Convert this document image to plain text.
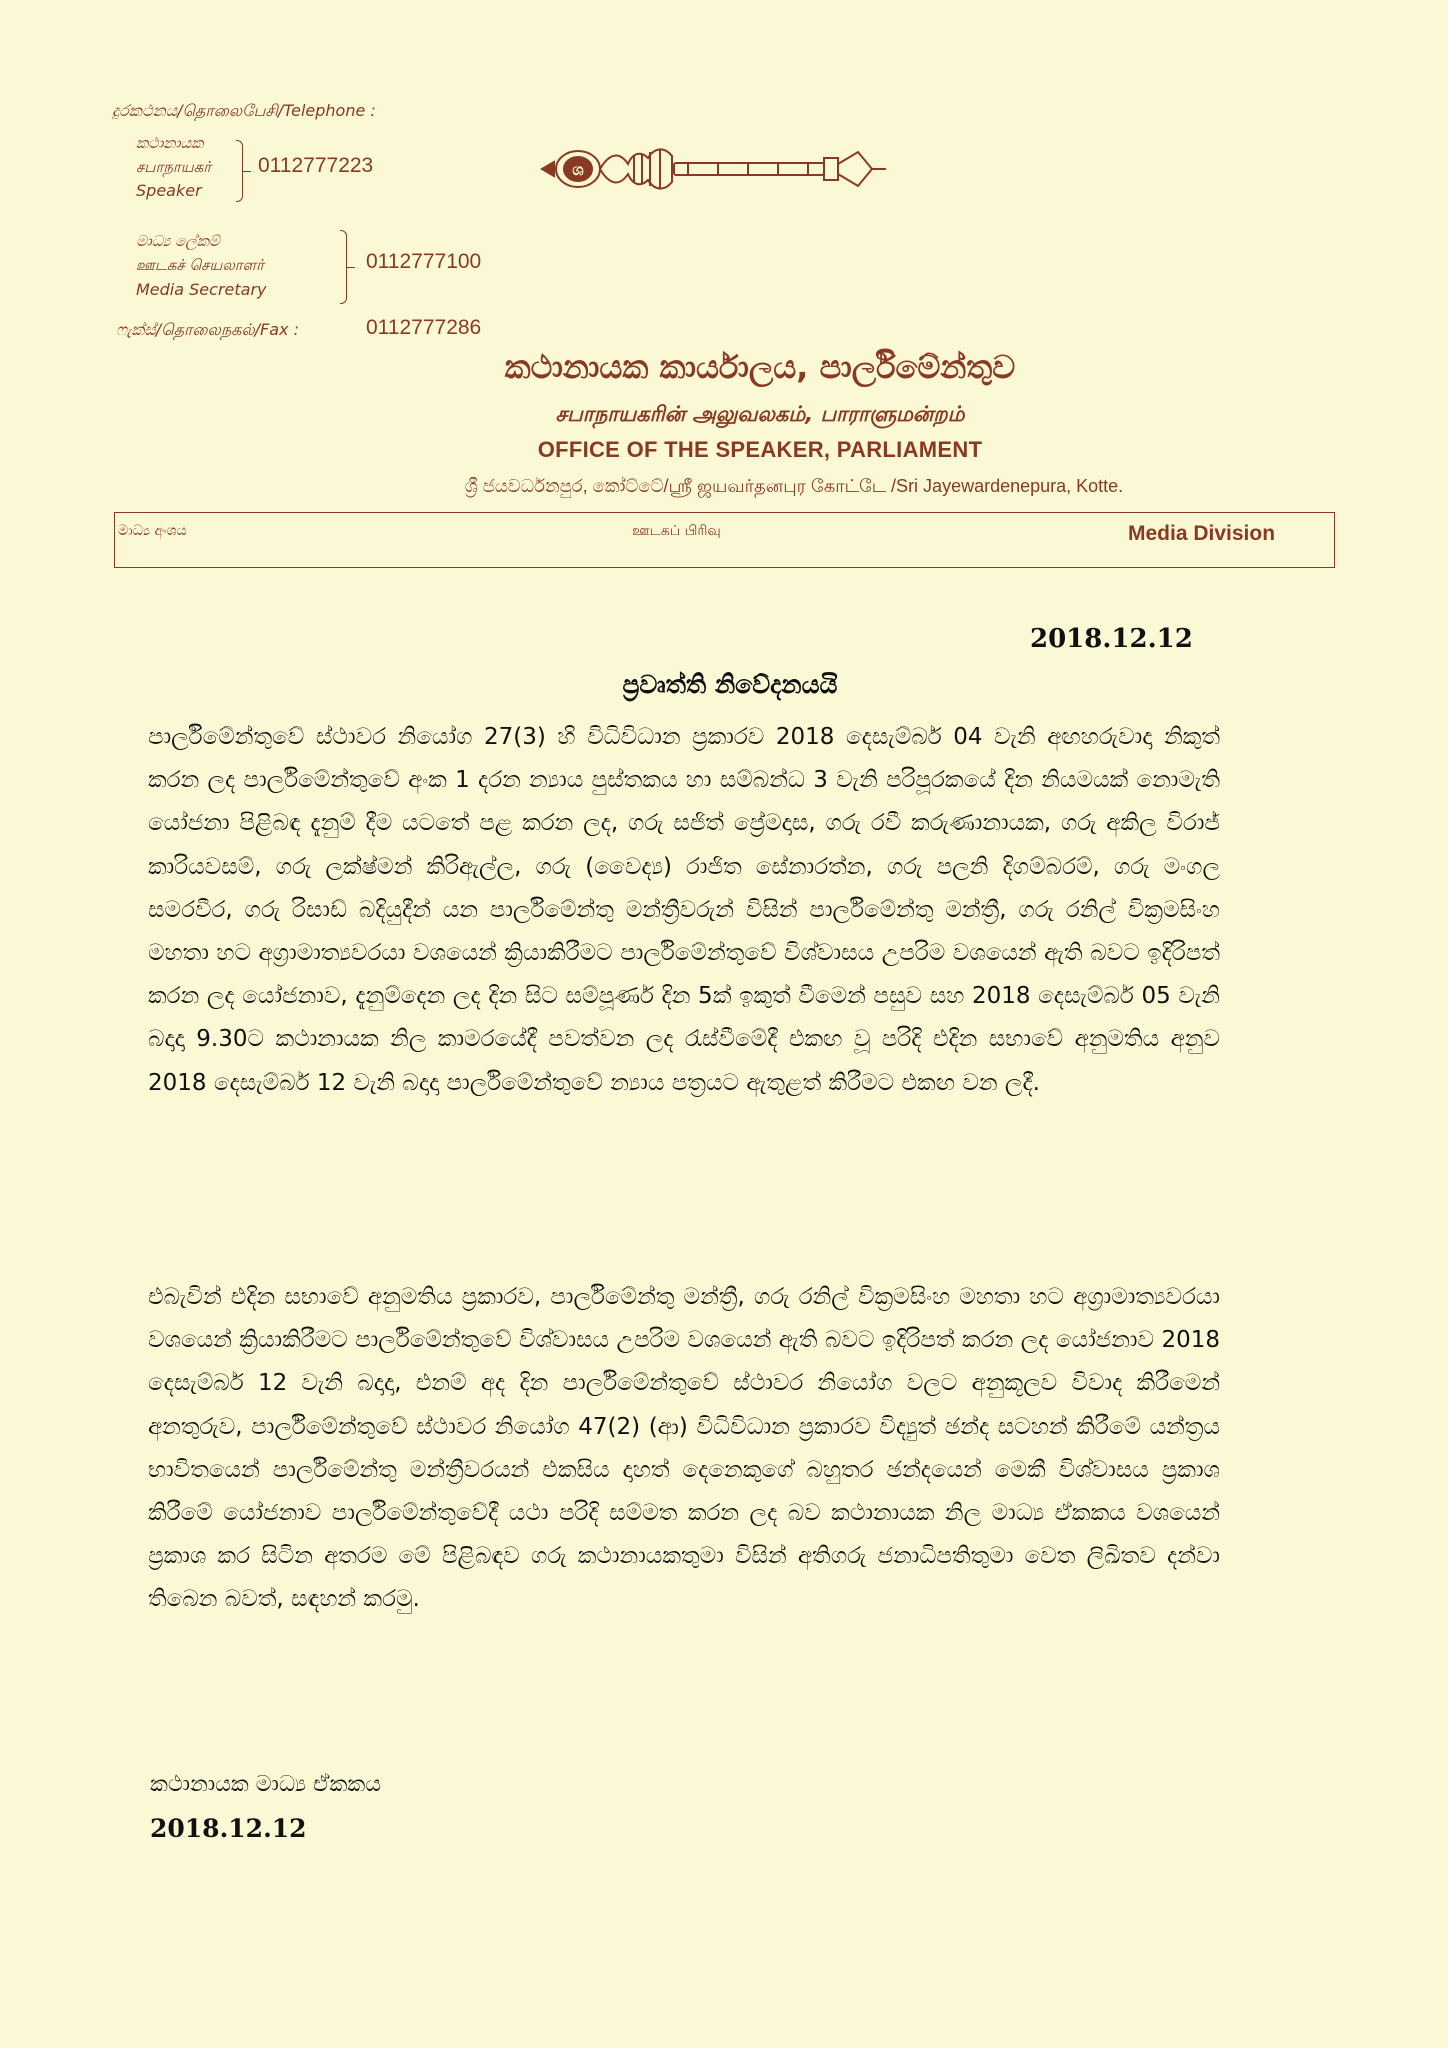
දුරකථනය/தொலைபேசி/Telephone :
කථානායක
சபாநாயகர்
Speaker
0112777223
මාධ්‍ය ලේකම්
ஊடகச் செயலாளர்
Media Secretary
0112777100
ෆැක්ස්/தொலைநகல்/Fax :	0112777286
ශ
කථානායක කාර්යාලය, පාර්ලිමේන්තුව
சபாநாயகரின் அலுவலகம், பாராளுமன்றம்
OFFICE OF THE SPEAKER, PARLIAMENT
ශ්‍රී ජයවර්ධනපුර, කෝට්ටේ/ஸ்ரீ ஜயவர்தனபுர கோட்டே /Sri Jayewardenepura, Kotte.
මාධ්‍ය අංශය	ஊடகப் பிரிவு	Media Division
2018.12.12
ප්‍රවෘත්ති නිවේදනයයි
පාර්ලිමේන්තුවේ ස්ථාවර නියෝග 27(3) හි විධිවිධාන ප්‍රකාරව 2018 දෙසැම්බර් 04 වැනි අඟහරුවාදා නිකුත් කරන ලද පාර්ලිමේන්තුවේ අංක 1 දරන න්‍යාය පුස්තකය හා සම්බන්ධ 3 වැනි පරිපූරකයේ දින නියමයක් නොමැති යෝජනා පිළිබඳ දැනුම් දීම යටතේ පළ කරන ලද, ගරු සජිත් ප්‍රේමදාස, ගරු රවී කරුණානායක, ගරු අකිල විරාජ් කාරියවසම්, ගරු ලක්ෂ්මන් කිරිඇල්ල, ගරු (වෛද්‍ය) රාජිත සේනාරත්න, ගරු පලනි දිගම්බරම්, ගරු මංගල සමරවීර, ගරු රිසාඩ් බදියුදීන් යන පාර්ලිමේන්තු මන්ත්‍රීවරුන් විසින් පාර්ලිමේන්තු මන්ත්‍රී, ගරු රනිල් වික්‍රමසිංහ මහතා හට අග්‍රාමාත්‍යවරයා වශයෙන් ක්‍රියාකිරීමට පාර්ලිමේන්තුවේ විශ්වාසය උපරිම වශයෙන් ඇති බවට ඉදිරිපත් කරන ලද යෝජනාව, දැනුම්දෙන ලද දින සිට සම්පූර්ණ දින 5ක් ඉකුත් වීමෙන් පසුව සහ 2018 දෙසැම්බර් 05 වැනි බදාදා 9.30ට කථානායක නිල කාමරයේදී පවත්වන ලද රැස්වීමේදී එකඟ වූ පරිදි එදින සභාවේ අනුමතිය අනුව 2018 දෙසැම්බර් 12 වැනි බදාදා පාර්ලිමේන්තුවේ න්‍යාය පත්‍රයට ඇතුළත් කිරීමට එකඟ වන ලදී.
එබැවින් එදින සභාවේ අනුමතිය ප්‍රකාරව, පාර්ලිමේන්තු මන්ත්‍රී, ගරු රනිල් වික්‍රමසිංහ මහතා හට අග්‍රාමාත්‍යවරයා වශයෙන් ක්‍රියාකිරීමට පාර්ලිමේන්තුවේ විශ්වාසය උපරිම වශයෙන් ඇති බවට ඉදිරිපත් කරන ලද යෝජනාව 2018 දෙසැම්බර් 12 වැනි බදාදා, එනම් අද දින පාර්ලිමේන්තුවේ ස්ථාවර නියෝග වලට අනුකූලව විවාද කිරීමෙන් අනතුරුව, පාර්ලිමේන්තුවේ ස්ථාවර නියෝග 47(2) (ආ) විධිවිධාන ප්‍රකාරව විද්‍යුත් ඡන්ද සටහන් කිරීමේ යන්ත්‍රය භාවිතයෙන් පාර්ලිමේන්තු මන්ත්‍රීවරයන් එකසිය දාහත් දෙනෙකුගේ බහුතර ඡන්දයෙන් මෙකී විශ්වාසය ප්‍රකාශ කිරීමේ යෝජනාව පාර්ලිමේන්තුවේදී යථා පරිදි සම්මත කරන ලද බව කථානායක නිල මාධ්‍ය ඒකකය වශයෙන් ප්‍රකාශ කර සිටින අතරම මේ පිළිබඳව ගරු කථානායකතුමා විසින් අතිගරු ජනාධිපතිතුමා වෙත ලිඛිතව දන්වා තිබෙන බවත්, සඳහන් කරමු.
කථානායක මාධ්‍ය ඒකකය
2018.12.12
